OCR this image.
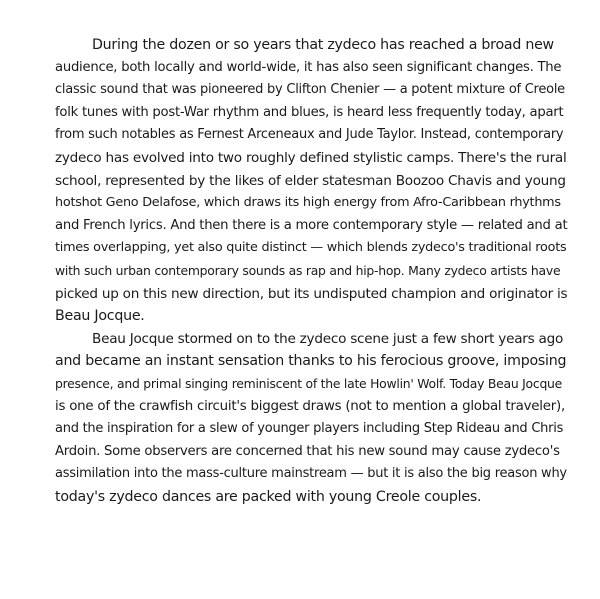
During the dozen or so years that zydeco has reached a broad new
audience, both locally and world-wide, it has also seen significant changes. The
classic sound that was pioneered by Clifton Chenier — a potent mixture of Creole
folk tunes with post-War rhythm and blues, is heard less frequently today, apart
from such notables as Fernest Arceneaux and Jude Taylor. Instead, contemporary
zydeco has evolved into two roughly defined stylistic camps. There's the rural
school, represented by the likes of elder statesman Boozoo Chavis and young
hotshot Geno Delafose, which draws its high energy from Afro-Caribbean rhythms
and French lyrics. And then there is a more contemporary style — related and at
times overlapping, yet also quite distinct — which blends zydeco's traditional roots
with such urban contemporary sounds as rap and hip-hop. Many zydeco artists have
picked up on this new direction, but its undisputed champion and originator is
Beau Jocque.
Beau Jocque stormed on to the zydeco scene just a few short years ago
and became an instant sensation thanks to his ferocious groove, imposing
presence, and primal singing reminiscent of the late Howlin' Wolf. Today Beau Jocque
is one of the crawfish circuit's biggest draws (not to mention a global traveler),
and the inspiration for a slew of younger players including Step Rideau and Chris
Ardoin. Some observers are concerned that his new sound may cause zydeco's
assimilation into the mass-culture mainstream — but it is also the big reason why
today's zydeco dances are packed with young Creole couples.
